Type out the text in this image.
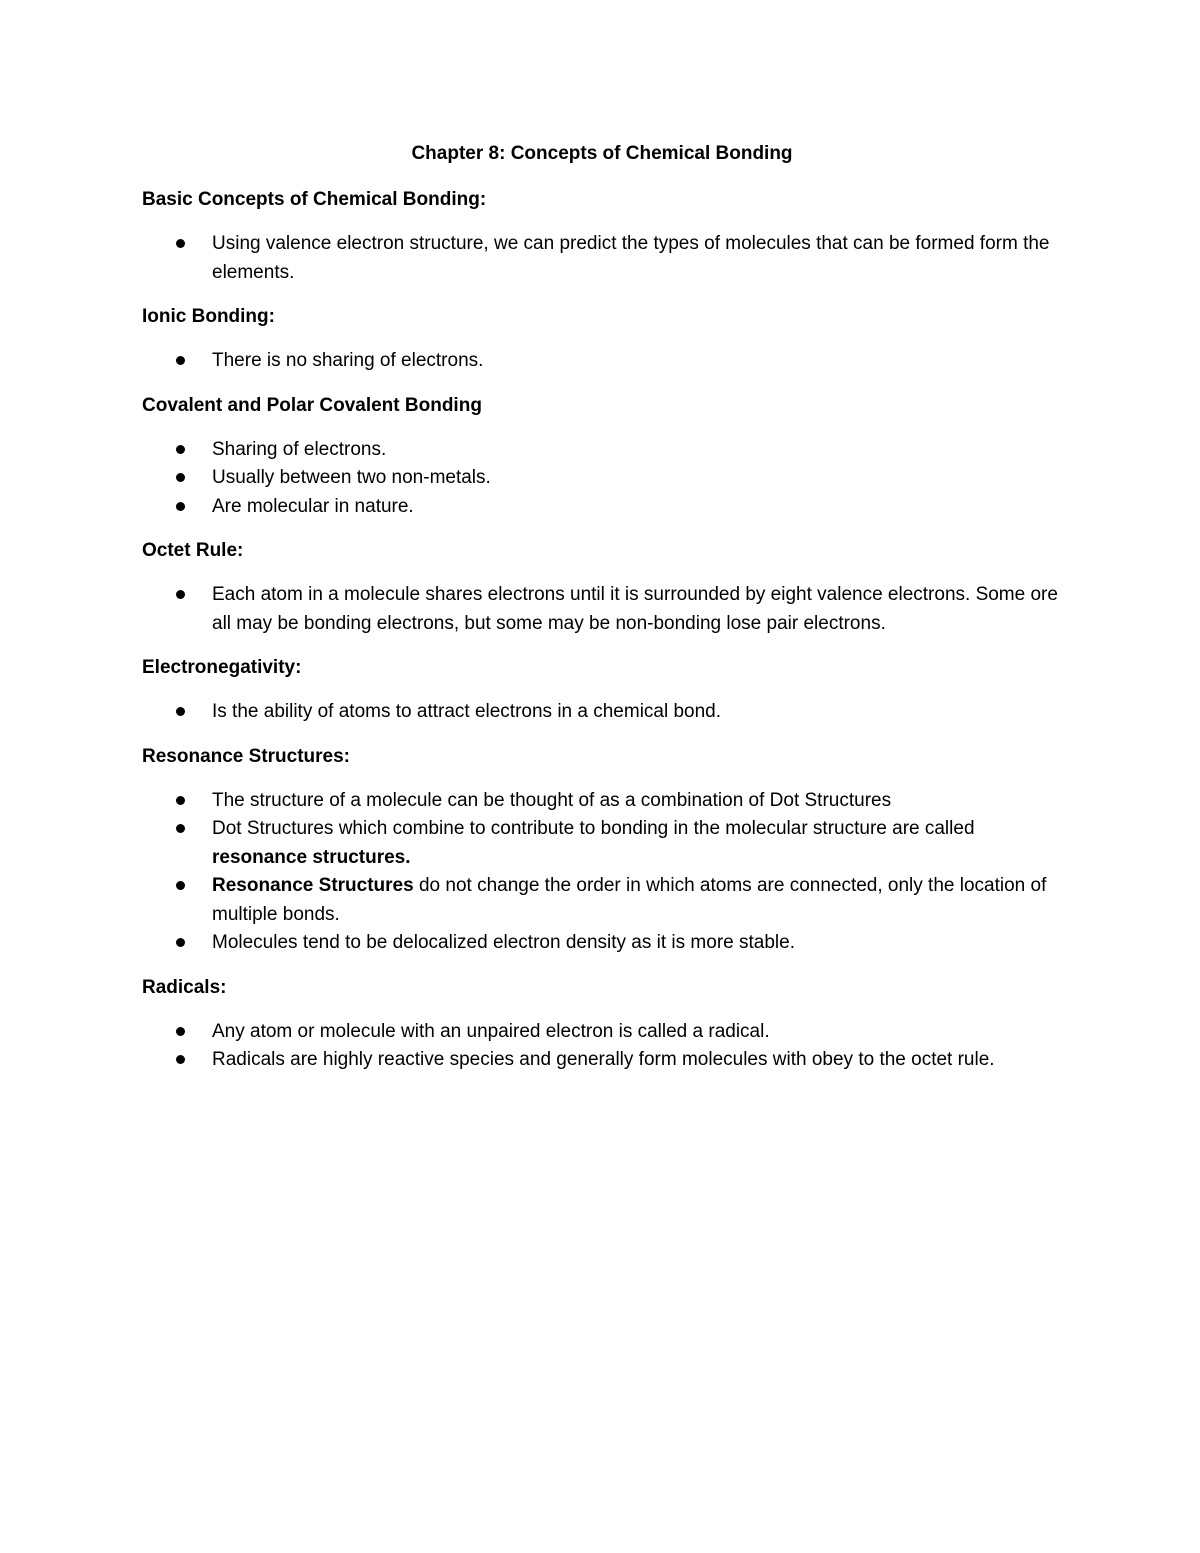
Chapter 8: Concepts of Chemical Bonding
Basic Concepts of Chemical Bonding:
Using valence electron structure, we can predict the types of molecules that can be formed form the elements.
Ionic Bonding:
There is no sharing of electrons.
Covalent and Polar Covalent Bonding
Sharing of electrons.
Usually between two non-metals.
Are molecular in nature.
Octet Rule:
Each atom in a molecule shares electrons until it is surrounded by eight valence electrons. Some ore all may be bonding electrons, but some may be non-bonding lose pair electrons.
Electronegativity:
Is the ability of atoms to attract electrons in a chemical bond.
Resonance Structures:
The structure of a molecule can be thought of as a combination of Dot Structures
Dot Structures which combine to contribute to bonding in the molecular structure are called resonance structures.
Resonance Structures do not change the order in which atoms are connected, only the location of multiple bonds.
Molecules tend to be delocalized electron density as it is more stable.
Radicals:
Any atom or molecule with an unpaired electron is called a radical.
Radicals are highly reactive species and generally form molecules with obey to the octet rule.
